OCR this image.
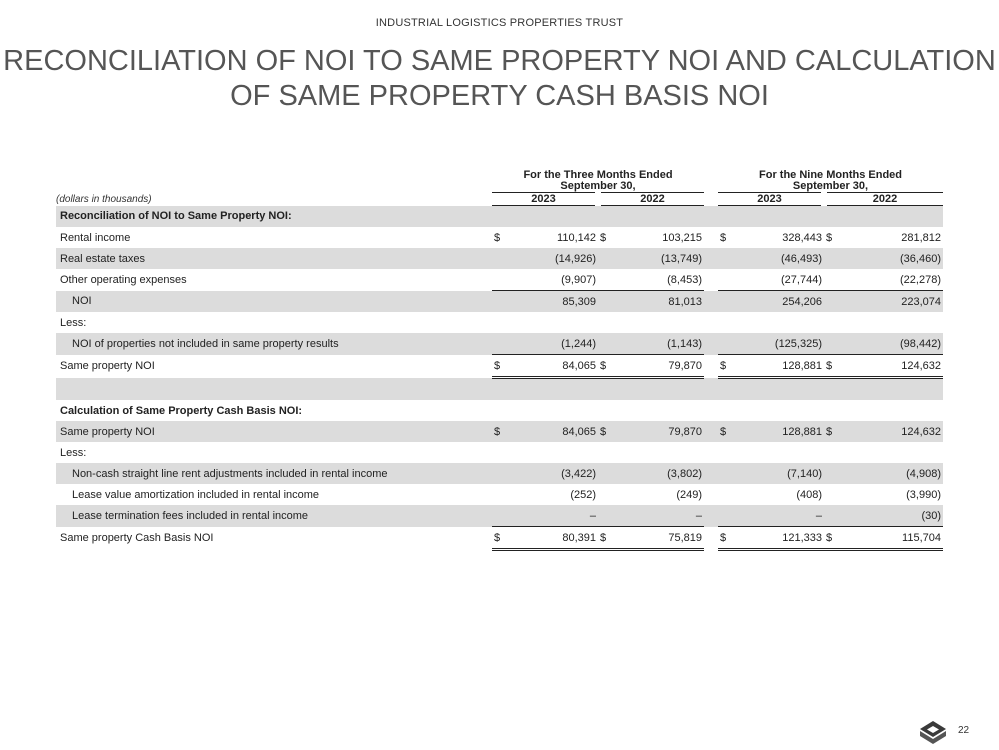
INDUSTRIAL LOGISTICS PROPERTIES TRUST
RECONCILIATION OF NOI TO SAME PROPERTY NOI AND CALCULATION
OF SAME PROPERTY CASH BASIS NOI

	For the Three Months Ended
September 30,					For the Nine Months Ended
September 30,			

(dollars in thousands)	2023		2022			2023		2022	
Reconciliation of NOI to Same Property NOI:									
Rental income	$	110,142	$	103,215		$	328,443	$	281,812
Real estate taxes		(14,926)		(13,749)			(46,493)		(36,460)
Other operating expenses		(9,907)		(8,453)			(27,744)		(22,278)
NOI		85,309		81,013			254,206		223,074
Less:									
NOI of properties not included in same property results		(1,244)		(1,143)			(125,325)		(98,442)
Same property NOI	$	84,065	$	79,870		$	128,881	$	124,632

Calculation of Same Property Cash Basis NOI:									
Same property NOI	$	84,065	$	79,870		$	128,881	$	124,632
Less:									
Non-cash straight line rent adjustments included in rental income		(3,422)		(3,802)			(7,140)		(4,908)
Lease value amortization included in rental income		(252)		(249)			(408)		(3,990)
Lease termination fees included in rental income		–		–			–		(30)
Same property Cash Basis NOI	$	80,391	$	75,819		$	121,333	$	115,704
22
